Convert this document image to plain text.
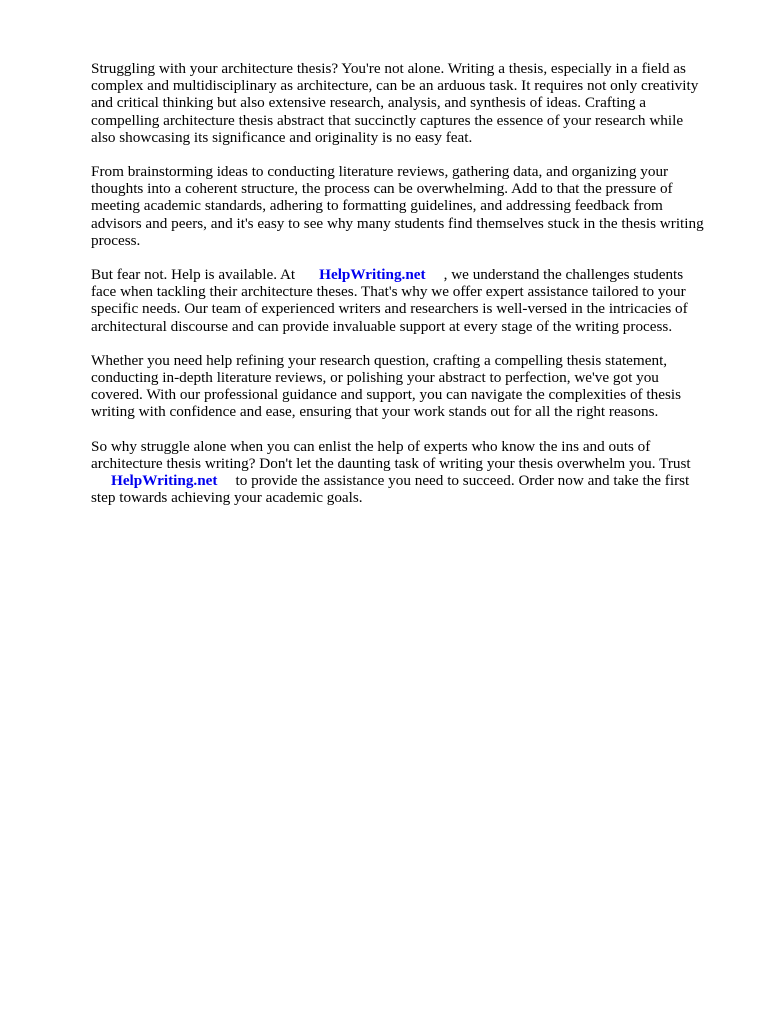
Struggling with your architecture thesis? You're not alone. Writing a thesis, especially in a field as
complex and multidisciplinary as architecture, can be an arduous task. It requires not only creativity
and critical thinking but also extensive research, analysis, and synthesis of ideas. Crafting a
compelling architecture thesis abstract that succinctly captures the essence of your research while
also showcasing its significance and originality is no easy feat.

From brainstorming ideas to conducting literature reviews, gathering data, and organizing your
thoughts into a coherent structure, the process can be overwhelming. Add to that the pressure of
meeting academic standards, adhering to formatting guidelines, and addressing feedback from
advisors and peers, and it's easy to see why many students find themselves stuck in the thesis writing
process.

But fear not. Help is available. At HelpWriting.net , we understand the challenges students
face when tackling their architecture theses. That's why we offer expert assistance tailored to your
specific needs. Our team of experienced writers and researchers is well-versed in the intricacies of
architectural discourse and can provide invaluable support at every stage of the writing process.

Whether you need help refining your research question, crafting a compelling thesis statement,
conducting in-depth literature reviews, or polishing your abstract to perfection, we've got you
covered. With our professional guidance and support, you can navigate the complexities of thesis
writing with confidence and ease, ensuring that your work stands out for all the right reasons.

So why struggle alone when you can enlist the help of experts who know the ins and outs of
architecture thesis writing? Don't let the daunting task of writing your thesis overwhelm you. Trust
HelpWriting.net to provide the assistance you need to succeed. Order now and take the first
step towards achieving your academic goals.
